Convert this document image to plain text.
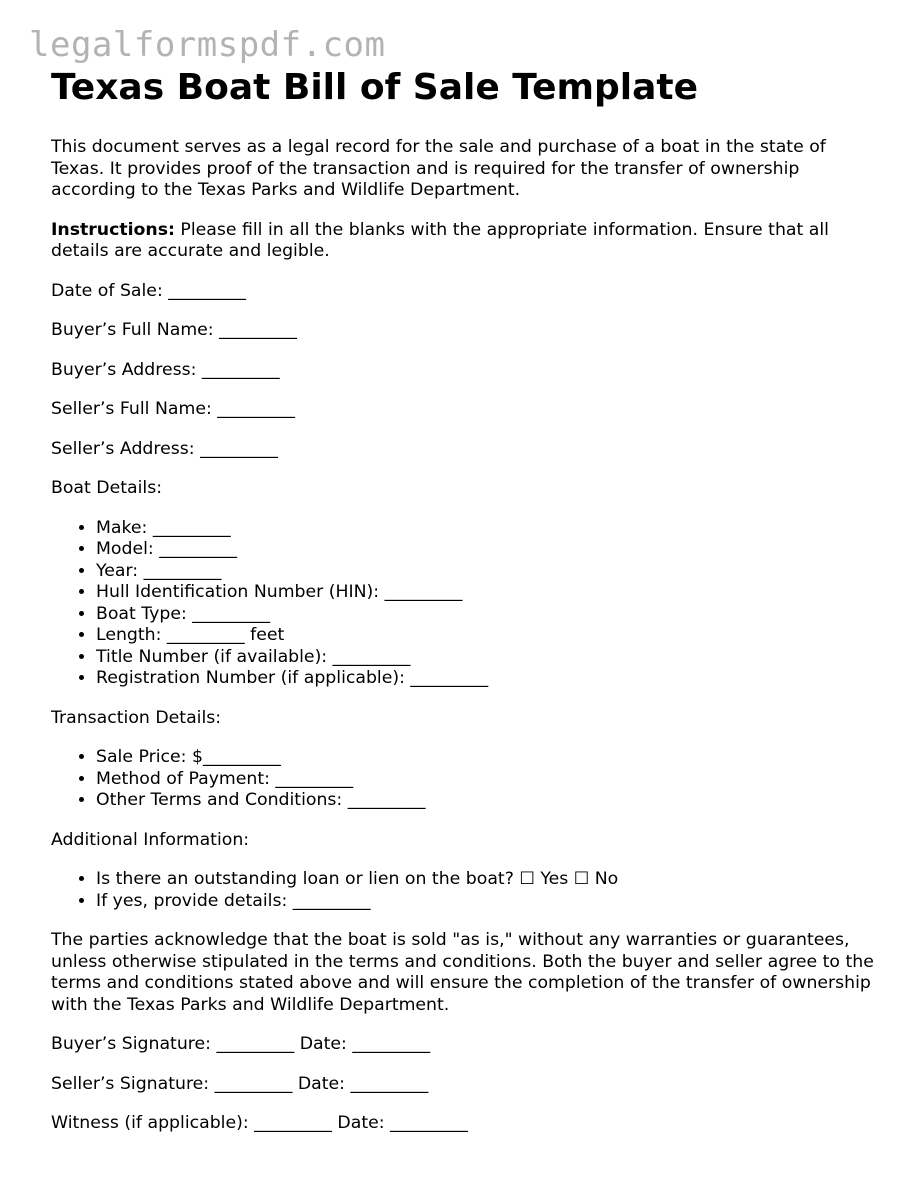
legalformspdf.com
Texas Boat Bill of Sale Template

This document serves as a legal record for the sale and purchase of a boat in the state of Texas. It provides proof of the transaction and is required for the transfer of ownership according to the Texas Parks and Wildlife Department.

Instructions: Please fill in all the blanks with the appropriate information. Ensure that all details are accurate and legible.

Date of Sale: _________

Buyer’s Full Name: _________

Buyer’s Address: _________

Seller’s Full Name: _________

Seller’s Address: _________

Boat Details:

• Make: _________
• Model: _________
• Year: _________
• Hull Identification Number (HIN): _________
• Boat Type: _________
• Length: _________ feet
• Title Number (if available): _________
• Registration Number (if applicable): _________

Transaction Details:

• Sale Price: $_________
• Method of Payment: _________
• Other Terms and Conditions: _________

Additional Information:

• Is there an outstanding loan or lien on the boat? ☐ Yes ☐ No
• If yes, provide details: _________

The parties acknowledge that the boat is sold "as is," without any warranties or guarantees, unless otherwise stipulated in the terms and conditions. Both the buyer and seller agree to the terms and conditions stated above and will ensure the completion of the transfer of ownership with the Texas Parks and Wildlife Department.

Buyer’s Signature: _________ Date: _________

Seller’s Signature: _________ Date: _________

Witness (if applicable): _________ Date: _________
